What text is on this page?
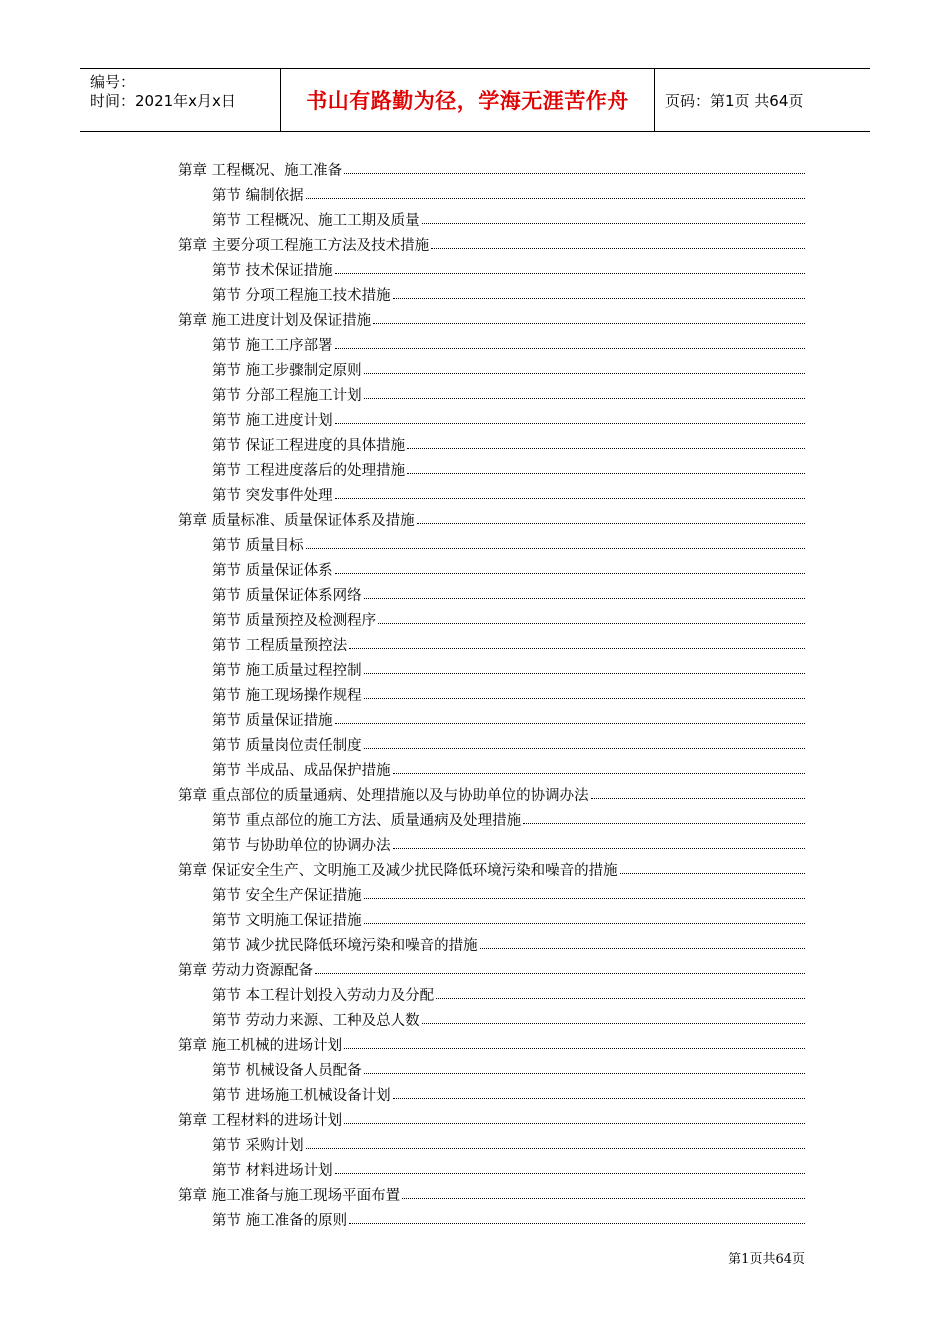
编号：
时间：2021年x月x日	书山有路勤为径，学海无涯苦作舟	页码：第1页 共64页
第章 工程概况、施工准备
第节 编制依据
第节 工程概况、施工工期及质量
第章 主要分项工程施工方法及技术措施
第节 技术保证措施
第节 分项工程施工技术措施
第章 施工进度计划及保证措施
第节 施工工序部署
第节 施工步骤制定原则
第节 分部工程施工计划
第节 施工进度计划
第节 保证工程进度的具体措施
第节 工程进度落后的处理措施
第节 突发事件处理
第章 质量标准、质量保证体系及措施
第节 质量目标
第节 质量保证体系
第节 质量保证体系网络
第节 质量预控及检测程序
第节 工程质量预控法
第节 施工质量过程控制
第节 施工现场操作规程
第节 质量保证措施
第节 质量岗位责任制度
第节 半成品、成品保护措施
第章 重点部位的质量通病、处理措施以及与协助单位的协调办法
第节 重点部位的施工方法、质量通病及处理措施
第节 与协助单位的协调办法
第章 保证安全生产、文明施工及减少扰民降低环境污染和噪音的措施
第节 安全生产保证措施
第节 文明施工保证措施
第节 减少扰民降低环境污染和噪音的措施
第章 劳动力资源配备
第节 本工程计划投入劳动力及分配
第节 劳动力来源、工种及总人数
第章 施工机械的进场计划
第节 机械设备人员配备
第节 进场施工机械设备计划
第章 工程材料的进场计划
第节 采购计划
第节 材料进场计划
第章 施工准备与施工现场平面布置
第节 施工准备的原则
第1页共64页
